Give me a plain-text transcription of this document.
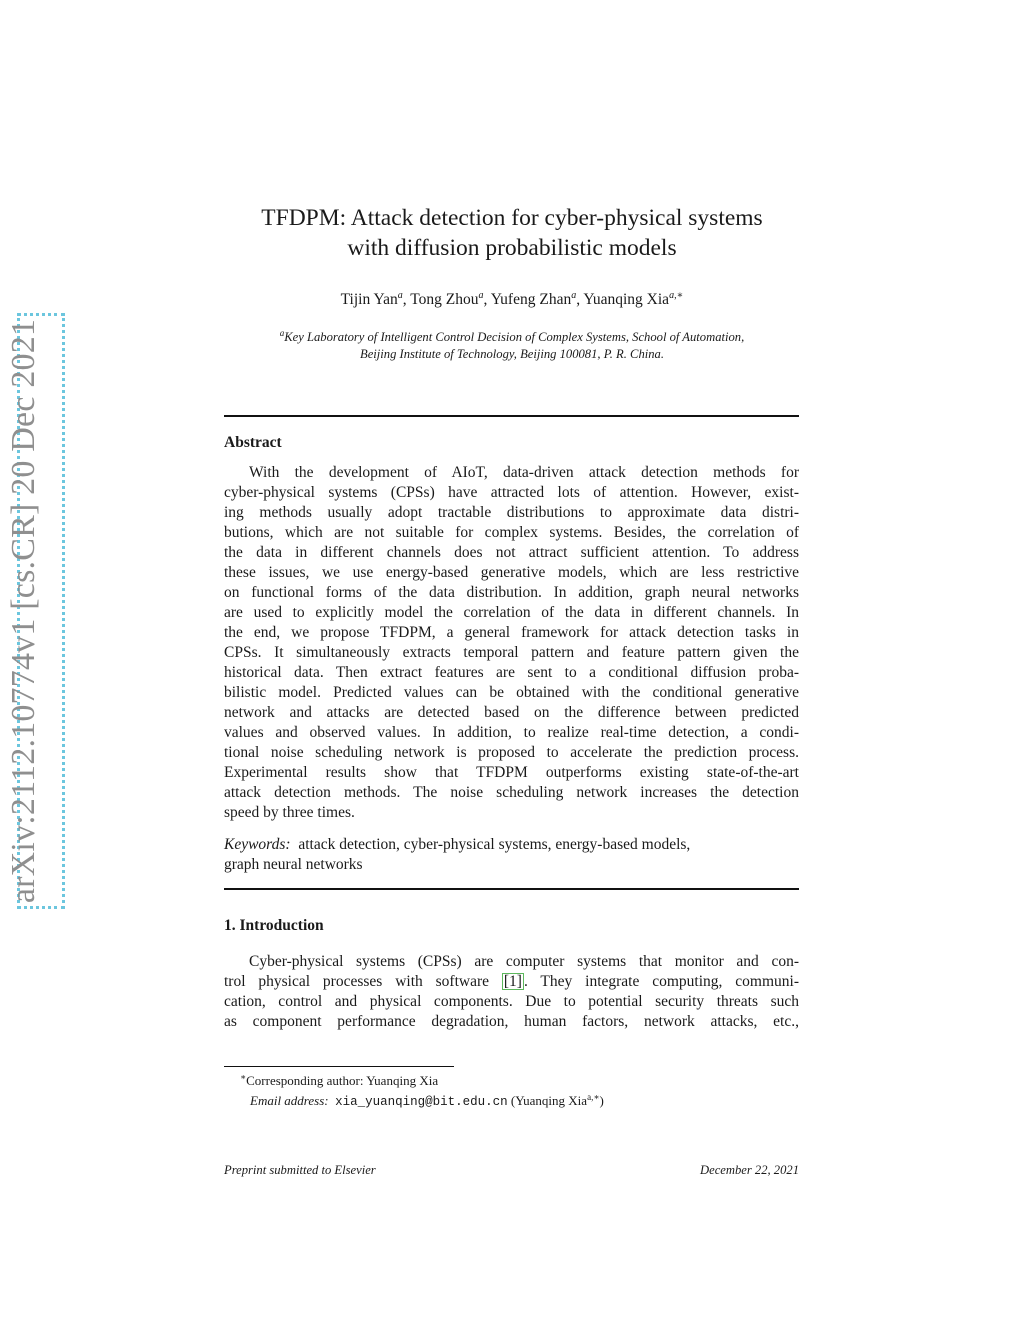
arXiv:2112.10774v1 [cs.CR] 20 Dec 2021
TFDPM: Attack detection for cyber-physical systems
with diffusion probabilistic models
Tijin Yan$^a$, Tong Zhou$^a$, Yufeng Zhan$^a$, Yuanqing Xia$^{a,∗}$
$^a$Key Laboratory of Intelligent Control Decision of Complex Systems, School of Automation,
Beijing Institute of Technology, Beijing 100081, P. R. China.
Abstract
With the development of AIoT, data-driven attack detection methods for
cyber-physical systems (CPSs) have attracted lots of attention. However, exist-
ing methods usually adopt tractable distributions to approximate data distri-
butions, which are not suitable for complex systems. Besides, the correlation of
the data in different channels does not attract sufficient attention. To address
these issues, we use energy-based generative models, which are less restrictive
on functional forms of the data distribution. In addition, graph neural networks
are used to explicitly model the correlation of the data in different channels. In
the end, we propose TFDPM, a general framework for attack detection tasks in
CPSs. It simultaneously extracts temporal pattern and feature pattern given the
historical data. Then extract features are sent to a conditional diffusion proba-
bilistic model. Predicted values can be obtained with the conditional generative
network and attacks are detected based on the difference between predicted
values and observed values. In addition, to realize real-time detection, a condi-
tional noise scheduling network is proposed to accelerate the prediction process.
Experimental results show that TFDPM outperforms existing state-of-the-art
attack detection methods. The noise scheduling network increases the detection
speed by three times.
Keywords: attack detection, cyber-physical systems, energy-based models,
graph neural networks
1. Introduction
Cyber-physical systems (CPSs) are computer systems that monitor and con-
trol physical processes with software [1] . They integrate computing, communi-
cation, control and physical components. Due to potential security threats such
as component performance degradation, human factors, network attacks, etc.,
∗Corresponding author: Yuanqing Xia
Email address: xia_yuanqing@bit.edu.cn (Yuanqing Xia$^{a,∗}$)
Preprint submitted to Elsevier	December 22, 2021
